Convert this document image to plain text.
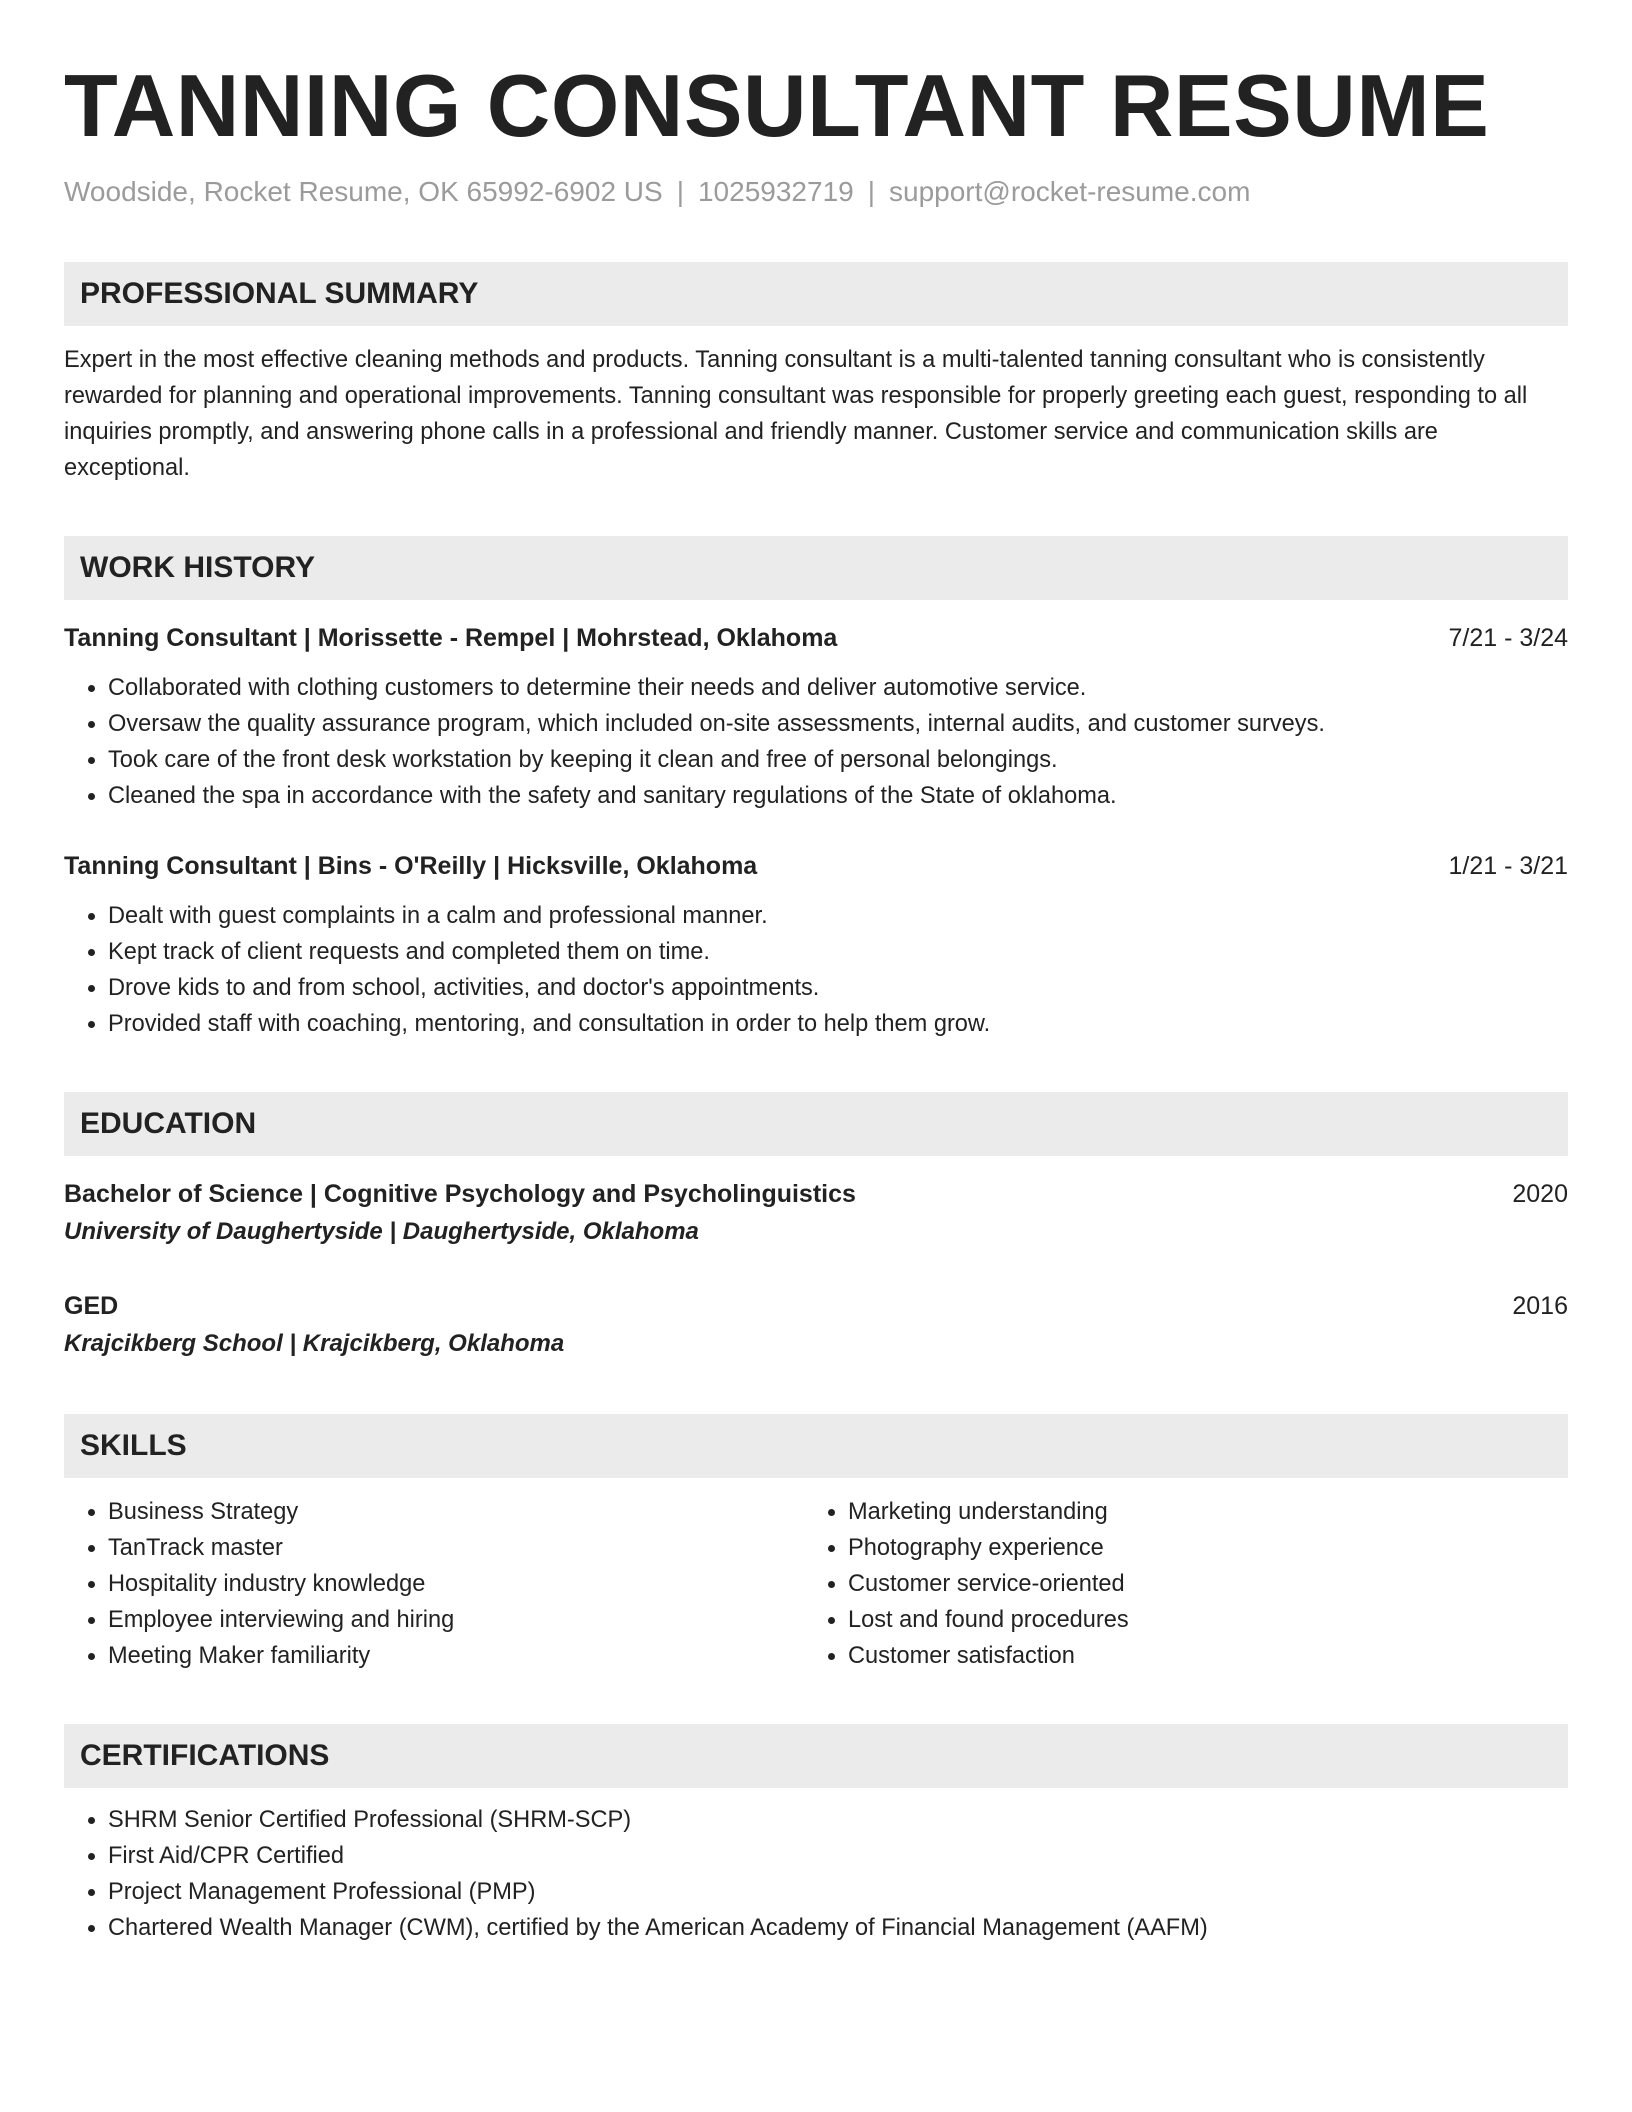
TANNING CONSULTANT RESUME
Woodside, Rocket Resume, OK 65992-6902 US | 1025932719 | support@rocket-resume.com
PROFESSIONAL SUMMARY
Expert in the most effective cleaning methods and products. Tanning consultant is a multi-talented tanning consultant who is consistently rewarded for planning and operational improvements. Tanning consultant was responsible for properly greeting each guest, responding to all inquiries promptly, and answering phone calls in a professional and friendly manner. Customer service and communication skills are exceptional.
WORK HISTORY
Tanning Consultant | Morissette - Rempel | Mohrstead, Oklahoma	7/21 - 3/24
• Collaborated with clothing customers to determine their needs and deliver automotive service.
• Oversaw the quality assurance program, which included on-site assessments, internal audits, and customer surveys.
• Took care of the front desk workstation by keeping it clean and free of personal belongings.
• Cleaned the spa in accordance with the safety and sanitary regulations of the State of oklahoma.
Tanning Consultant | Bins - O'Reilly | Hicksville, Oklahoma	1/21 - 3/21
• Dealt with guest complaints in a calm and professional manner.
• Kept track of client requests and completed them on time.
• Drove kids to and from school, activities, and doctor's appointments.
• Provided staff with coaching, mentoring, and consultation in order to help them grow.
EDUCATION
Bachelor of Science | Cognitive Psychology and Psycholinguistics	2020
University of Daughertyside | Daughertyside, Oklahoma
GED	2016
Krajcikberg School | Krajcikberg, Oklahoma
SKILLS
• Business Strategy
• TanTrack master
• Hospitality industry knowledge
• Employee interviewing and hiring
• Meeting Maker familiarity
• Marketing understanding
• Photography experience
• Customer service-oriented
• Lost and found procedures
• Customer satisfaction
CERTIFICATIONS
• SHRM Senior Certified Professional (SHRM-SCP)
• First Aid/CPR Certified
• Project Management Professional (PMP)
• Chartered Wealth Manager (CWM), certified by the American Academy of Financial Management (AAFM)
